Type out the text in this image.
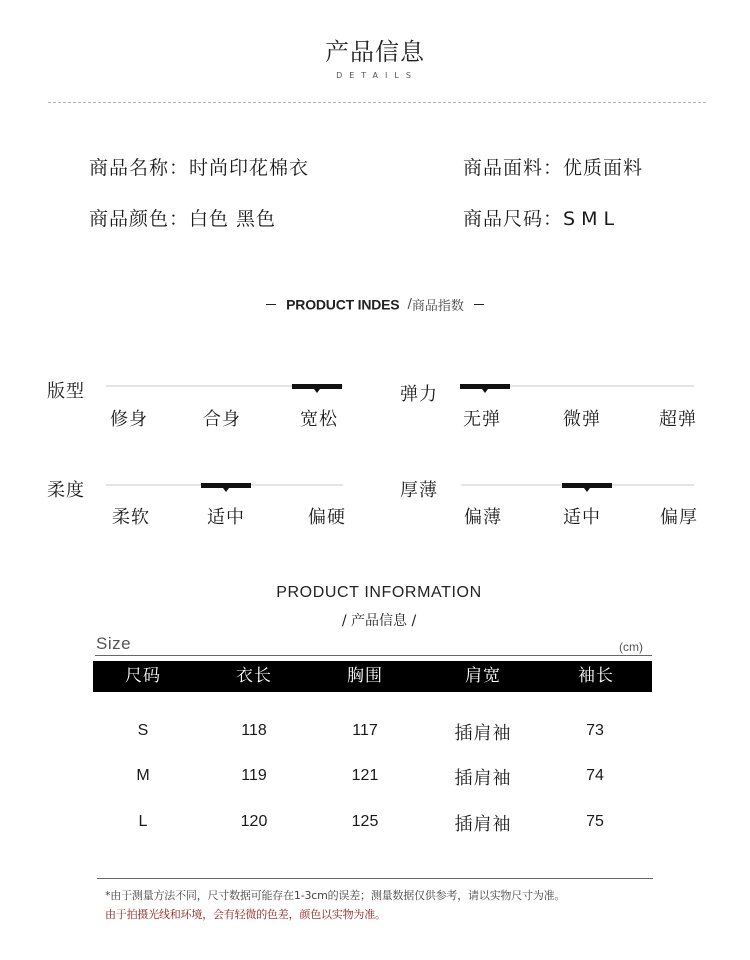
产品信息
DETAILS
商品名称：时尚印花棉衣	商品面料：优质面料
商品颜色：白色 黑色	商品尺码：SML
PRODUCT INDES /商品指数
版型
修身	合身	宽松
弹力
无弹	微弹	超弹
柔度
柔软	适中	偏硬
厚薄
偏薄	适中	偏厚
PRODUCT INFORMATION
/ 产品信息 /
Size	(cm)
尺码	衣长	胸围	肩宽	袖长
S	118	117	插肩袖	73
M	119	121	插肩袖	74
L	120	125	插肩袖	75
*由于测量方法不同，尺寸数据可能存在1-3cm的误差；测量数据仅供参考，请以实物尺寸为准。
由于拍摄光线和环境，会有轻微的色差，颜色以实物为准。
